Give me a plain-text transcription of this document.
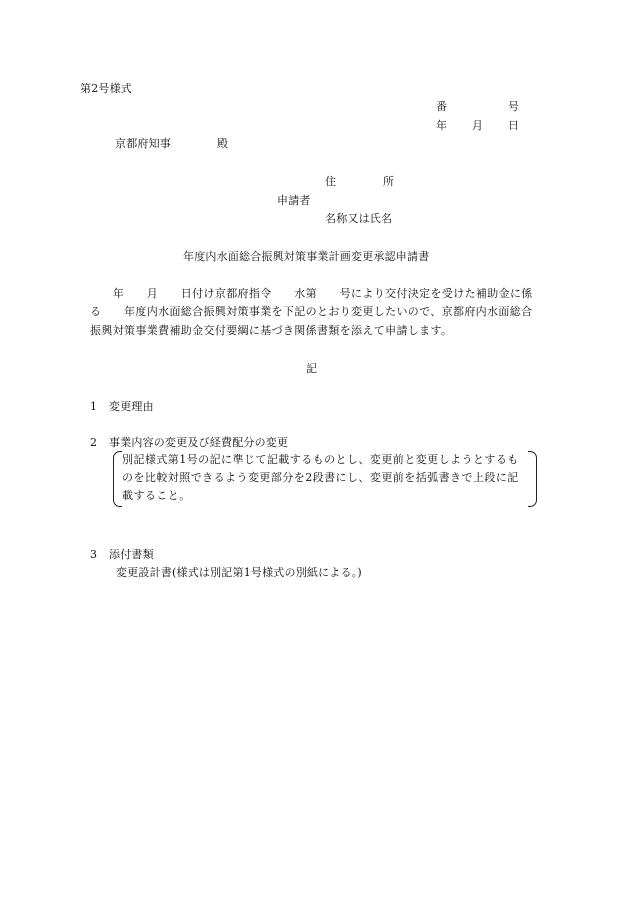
第2号様式
番	号
年 月 日
京都府知事	殿
住	所
申請者
名称又は氏名
年度内水面総合振興対策事業計画変更承認申請書
　　年　　月　　日付け京都府指令　　水第　　号により交付決定を受けた補助金に係
る　　年度内水面総合振興対策事業を下記のとおり変更したいので、京都府内水面総合
振興対策事業費補助金交付要綱に基づき関係書類を添えて申請します。
記
1 変更理由
2 事業内容の変更及び経費配分の変更
別記様式第1号の記に準じて記載するものとし、変更前と変更しようとするも
のを比較対照できるよう変更部分を2段書にし、変更前を括弧書きで上段に記
載すること。
3 添付書類
変更設計書(様式は別記第1号様式の別紙による。)
